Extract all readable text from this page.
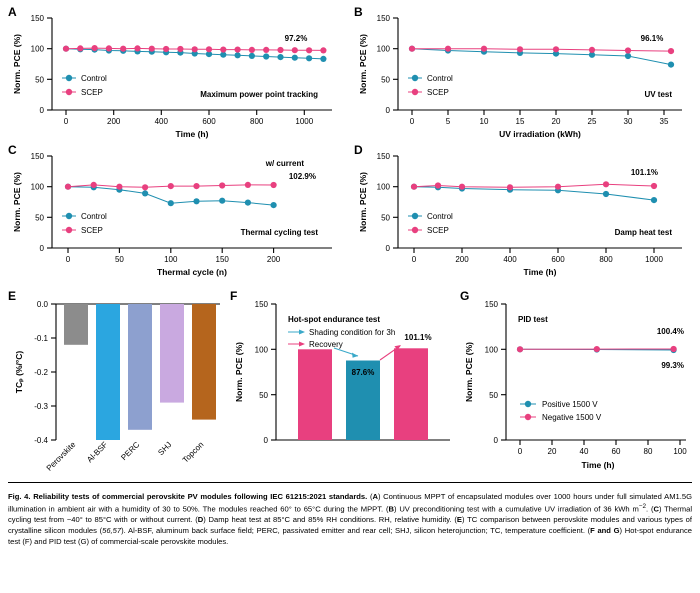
A
0
50
100
150
0	200	400	600	800	1000
Time (h)
Norm. PCE (%)	97.2%
Control
SCEP	Maximum power point tracking
B
0
50
100
150
0	5	10	15	20	25	30	35
UV irradiation (kWh)
Norm. PCE (%)	96.1%
Control
SCEP	UV test
C
0
50
100
150
0	50	100	150	200
Thermal cycle (n)
Norm. PCE (%)
w/ current
102.9%
Control
SCEP	Thermal cycling test
D
0
50
100
150
0	200	400	600	800	1000
Time (h)
Norm. PCE (%)	101.1%
Control
SCEP	Damp heat test
E
0.0
-0.1
-0.2
-0.3
-0.4
TCₚ (%/°C)
Perovskite Al-BSF PERC SHJ Topcon
F
0
50
100
150
Norm. PCE (%)
Hot-spot endurance test
87.6%
101.1%
Shading condition for 3h
Recovery
G
0
50
100
150
0	20	40	60	80	100
Time (h)
Norm. PCE (%)
PID test
100.4%
99.3%
Positive 1500 V
Negative 1500 V
Fig. 4. Reliability tests of commercial perovskite PV modules following IEC 61215:2021 standards. (A) Continuous MPPT of encapsulated modules over 1000 hours under full simulated AM1.5G illumination in ambient air with a humidity of 30 to 50%. The modules reached 60° to 65°C during the MPPT. (B) UV preconditioning test with a cumulative UV irradiation of 36 kWh $m^{-2}$. (C) Thermal cycling test from −40° to 85°C with or without current. (D) Damp heat test at 85°C and 85% RH conditions. RH, relative humidity. (E) TC comparison between perovskite modules and various types of crystalline silicon modules (56,57). Al-BSF, aluminum back surface field; PERC, passivated emitter and rear cell; SHJ, silicon heterojunction; TC, temperature coefficient. (F and G) Hot-spot endurance test (F) and PID test (G) of commercial-scale perovskite modules.
